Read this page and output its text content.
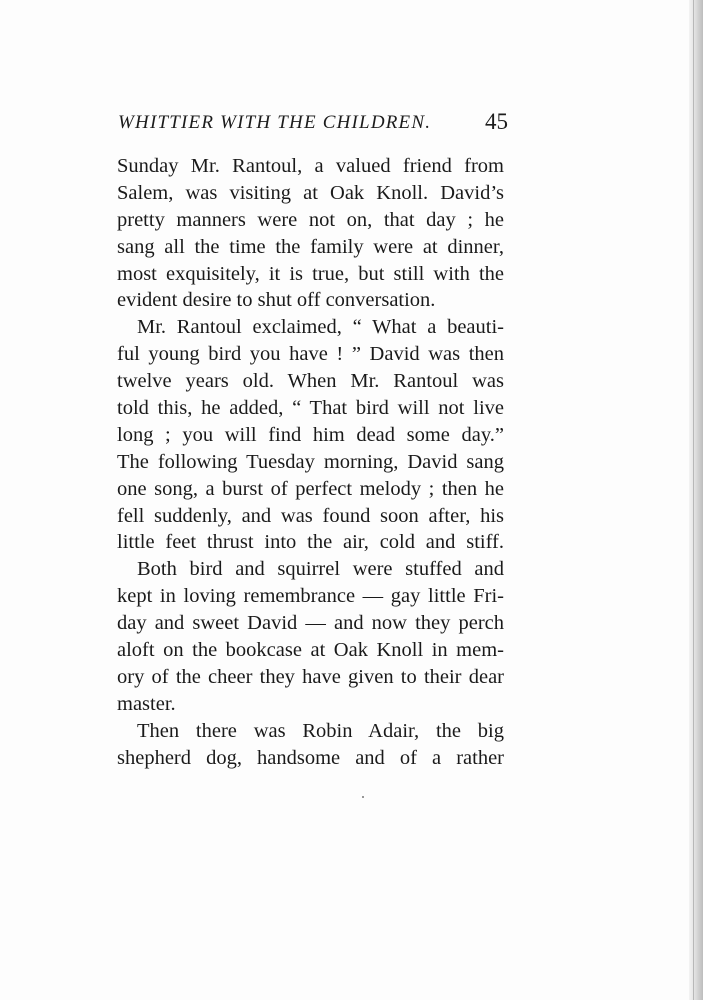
WHITTIER WITH THE CHILDREN. 45
Sunday Mr. Rantoul, a valued friend from
Salem, was visiting at Oak Knoll. David’s
pretty manners were not on, that day ; he
sang all the time the family were at dinner,
most exquisitely, it is true, but still with the
evident desire to shut off conversation.
Mr. Rantoul exclaimed, “ What a beauti-
ful young bird you have ! ” David was then
twelve years old. When Mr. Rantoul was
told this, he added, “ That bird will not live
long ; you will find him dead some day.”
The following Tuesday morning, David sang
one song, a burst of perfect melody ; then he
fell suddenly, and was found soon after, his
little feet thrust into the air, cold and stiff.
Both bird and squirrel were stuffed and
kept in loving remembrance — gay little Fri-
day and sweet David — and now they perch
aloft on the bookcase at Oak Knoll in mem-
ory of the cheer they have given to their dear
master.
Then there was Robin Adair, the big
shepherd dog, handsome and of a rather
